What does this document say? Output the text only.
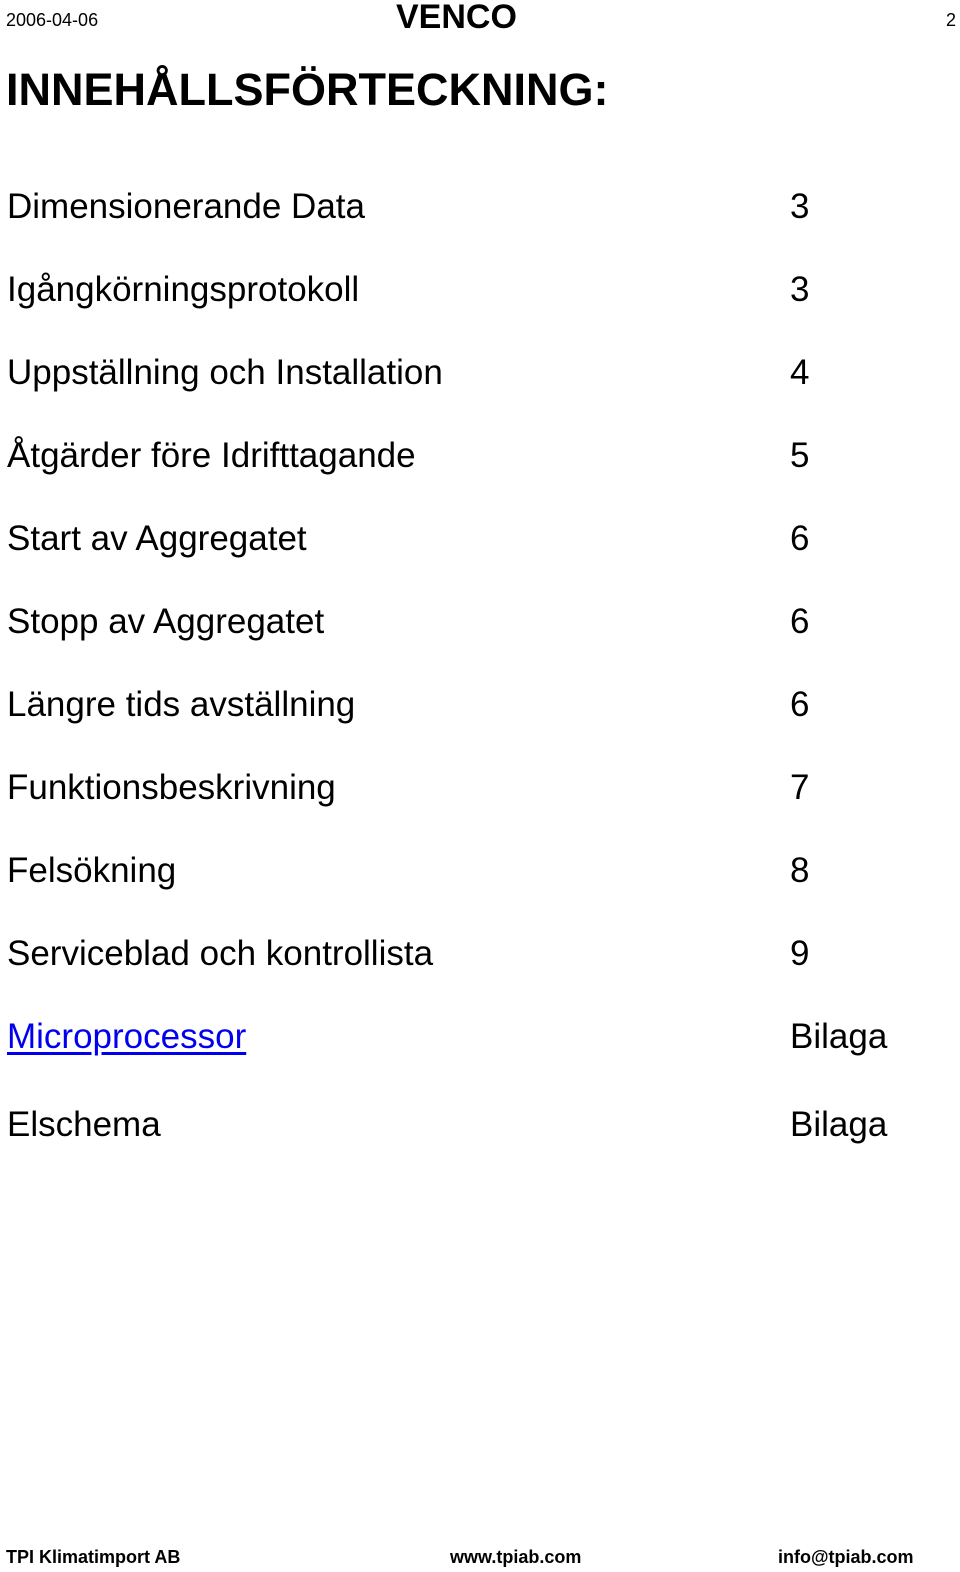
2006-04-06	VENCO	2
INNEHÅLLSFÖRTECKNING:
Dimensionerande Data	3
Igångkörningsprotokoll	3
Uppställning och Installation	4
Åtgärder före Idrifttagande	5
Start av Aggregatet	6
Stopp av Aggregatet	6
Längre tids avställning	6
Funktionsbeskrivning	7
Felsökning	8
Serviceblad och kontrollista	9
Microprocessor	Bilaga
Elschema	Bilaga
TPI Klimatimport AB	www.tpiab.com	info@tpiab.com
